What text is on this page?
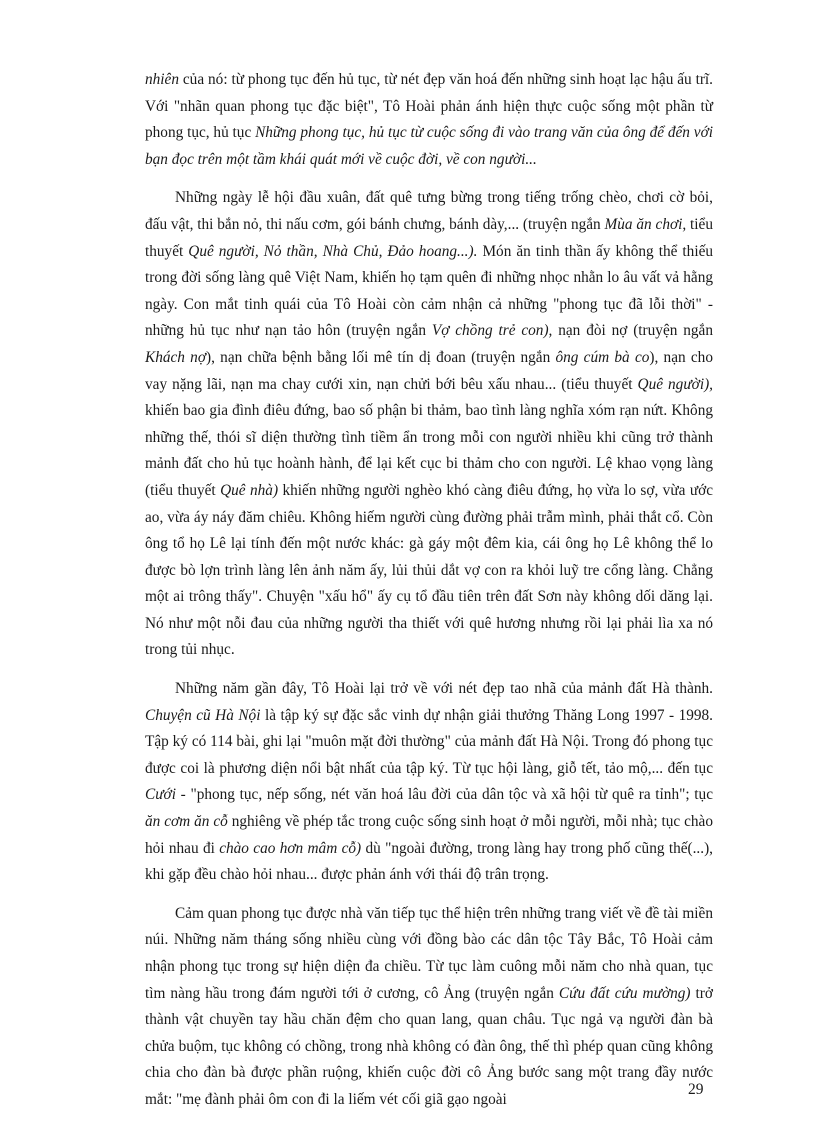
nhiên của nó: từ phong tục đến hủ tục, từ nét đẹp văn hoá đến những sinh hoạt lạc hậu ấu trĩ. Với "nhãn quan phong tục đặc biệt", Tô Hoài phản ánh hiện thực cuộc sống một phần từ phong tục, hủ tục Những phong tục, hủ tục từ cuộc sống đi vào trang văn của ông để đến với bạn đọc trên một tầm khái quát mới về cuộc đời, về con người...

Những ngày lễ hội đầu xuân, đất quê tưng bừng trong tiếng trống chèo, chơi cờ bỏi, đấu vật, thi bắn nỏ, thi nấu cơm, gói bánh chưng, bánh dày,... (truyện ngắn Mùa ăn chơi, tiểu thuyết Quê người, Nỏ thần, Nhà Chủ, Đảo hoang...). Món ăn tinh thần ấy không thể thiếu trong đời sống làng quê Việt Nam, khiến họ tạm quên đi những nhọc nhằn lo âu vất vả hằng ngày. Con mắt tinh quái của Tô Hoài còn cảm nhận cả những "phong tục đã lỗi thời" - những hủ tục như nạn tảo hôn (truyện ngắn Vợ chồng trẻ con), nạn đòi nợ (truyện ngắn Khách nợ), nạn chữa bệnh bằng lối mê tín dị đoan (truyện ngắn ông cúm bà co), nạn cho vay nặng lãi, nạn ma chay cưới xin, nạn chửi bới bêu xấu nhau... (tiểu thuyết Quê người), khiến bao gia đình điêu đứng, bao số phận bi thảm, bao tình làng nghĩa xóm rạn nứt. Không những thế, thói sĩ diện thường tình tiềm ẩn trong mỗi con người nhiều khi cũng trở thành mảnh đất cho hủ tục hoành hành, để lại kết cục bi thảm cho con người. Lệ khao vọng làng (tiểu thuyết Quê nhà) khiến những người nghèo khó càng điêu đứng, họ vừa lo sợ, vừa ước ao, vừa áy náy đăm chiêu. Không hiếm người cùng đường phải trẫm mình, phải thắt cổ. Còn ông tổ họ Lê lại tính đến một nước khác: gà gáy một đêm kia, cái ông họ Lê không thể lo được bò lợn trình làng lên ảnh năm ấy, lủi thủi dắt vợ con ra khỏi luỹ tre cổng làng. Chẳng một ai trông thấy". Chuyện "xấu hổ" ấy cụ tổ đầu tiên trên đất Sơn này không dối dăng lại. Nó như một nỗi đau của những người tha thiết với quê hương nhưng rồi lại phải lìa xa nó trong tủi nhục.

Những năm gần đây, Tô Hoài lại trở về với nét đẹp tao nhã của mảnh đất Hà thành. Chuyện cũ Hà Nội là tập ký sự đặc sắc vinh dự nhận giải thưởng Thăng Long 1997 - 1998. Tập ký có 114 bài, ghi lại "muôn mặt đời thường" của mảnh đất Hà Nội. Trong đó phong tục được coi là phương diện nổi bật nhất của tập ký. Từ tục hội làng, giỗ tết, tảo mộ,... đến tục Cưới - "phong tục, nếp sống, nét văn hoá lâu đời của dân tộc và xã hội từ quê ra tỉnh"; tục ăn cơm ăn cỗ nghiêng về phép tắc trong cuộc sống sinh hoạt ở mỗi người, mỗi nhà; tục chào hỏi nhau đi chào cao hơn mâm cỗ) dù "ngoài đường, trong làng hay trong phố cũng thế(...), khi gặp đều chào hỏi nhau... được phản ánh với thái độ trân trọng.

Cảm quan phong tục được nhà văn tiếp tục thể hiện trên những trang viết về đề tài miền núi. Những năm tháng sống nhiều cùng với đồng bào các dân tộc Tây Bắc, Tô Hoài cảm nhận phong tục trong sự hiện diện đa chiều. Từ tục làm cuông mỗi năm cho nhà quan, tục tìm nàng hầu trong đám người tới ở cương, cô Ảng (truyện ngắn Cứu đất cứu mường) trở thành vật chuyền tay hầu chăn đệm cho quan lang, quan châu. Tục ngả vạ người đàn bà chửa buộm, tục không có chồng, trong nhà không có đàn ông, thế thì phép quan cũng không chia cho đàn bà được phần ruộng, khiến cuộc đời cô Ảng bước sang một trang đầy nước mắt: "mẹ đành phải ôm con đi la liếm vét cối giã gạo ngoài

29
